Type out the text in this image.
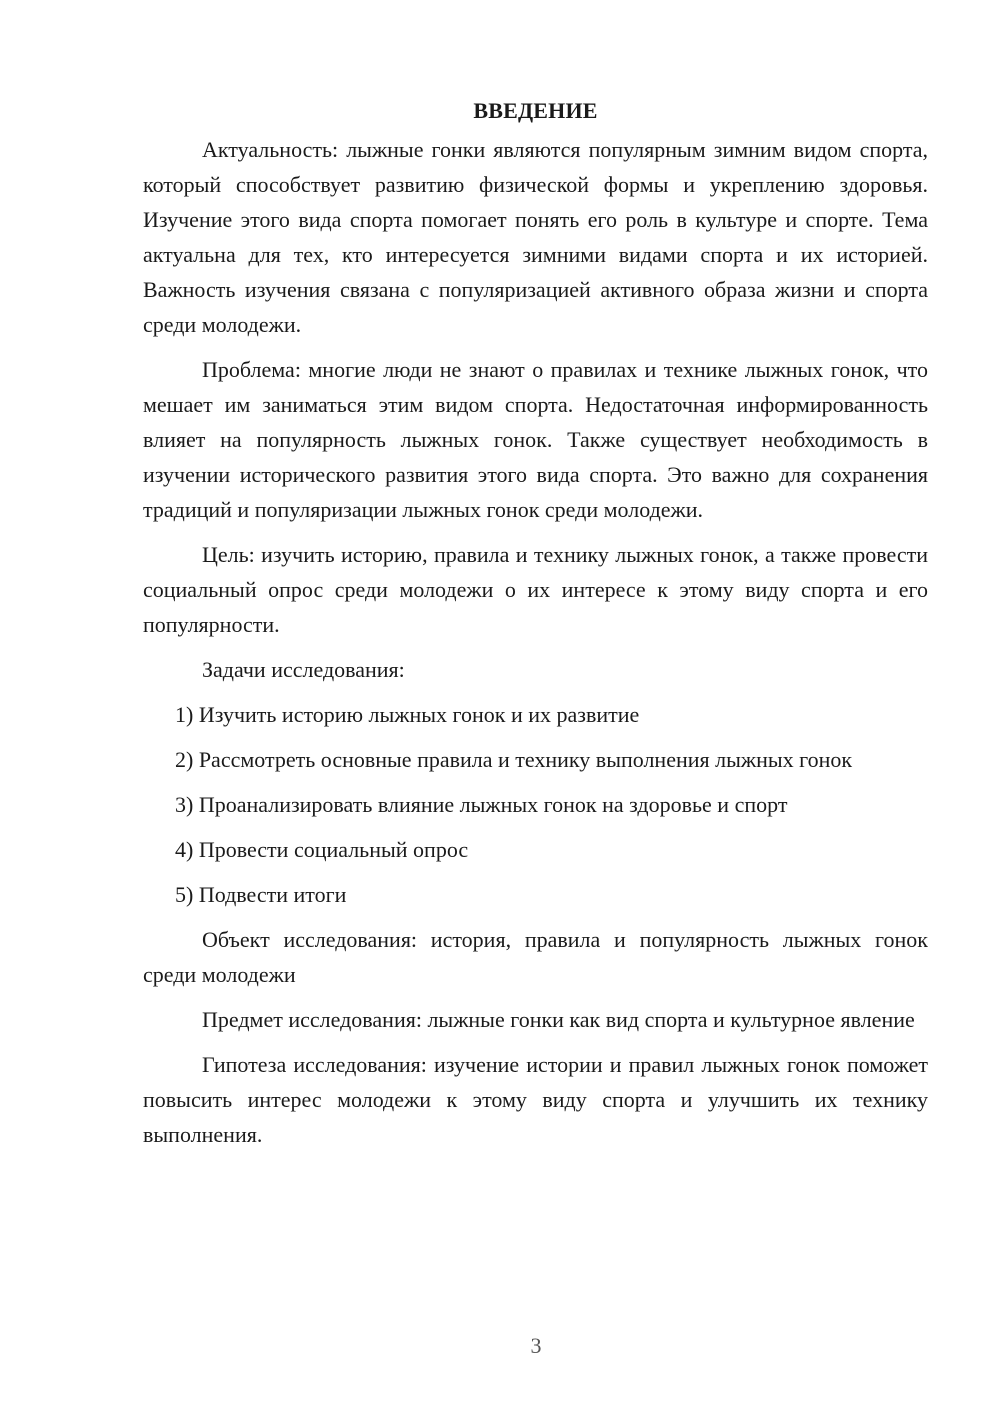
ВВЕДЕНИЕ

Актуальность: лыжные гонки являются популярным зимним видом спорта, который способствует развитию физической формы и укреплению здоровья. Изучение этого вида спорта помогает понять его роль в культуре и спорте. Тема актуальна для тех, кто интересуется зимними видами спорта и их историей. Важность изучения связана с популяризацией активного образа жизни и спорта среди молодежи.

Проблема: многие люди не знают о правилах и технике лыжных гонок, что мешает им заниматься этим видом спорта. Недостаточная информированность влияет на популярность лыжных гонок. Также существует необходимость в изучении исторического развития этого вида спорта. Это важно для сохранения традиций и популяризации лыжных гонок среди молодежи.

Цель: изучить историю, правила и технику лыжных гонок, а также провести социальный опрос среди молодежи о их интересе к этому виду спорта и его популярности.

Задачи исследования:

1) Изучить историю лыжных гонок и их развитие

2) Рассмотреть основные правила и технику выполнения лыжных гонок

3) Проанализировать влияние лыжных гонок на здоровье и спорт

4) Провести социальный опрос

5) Подвести итоги

Объект исследования: история, правила и популярность лыжных гонок среди молодежи

Предмет исследования: лыжные гонки как вид спорта и культурное явление

Гипотеза исследования: изучение истории и правил лыжных гонок поможет повысить интерес молодежи к этому виду спорта и улучшить их технику выполнения.

3
